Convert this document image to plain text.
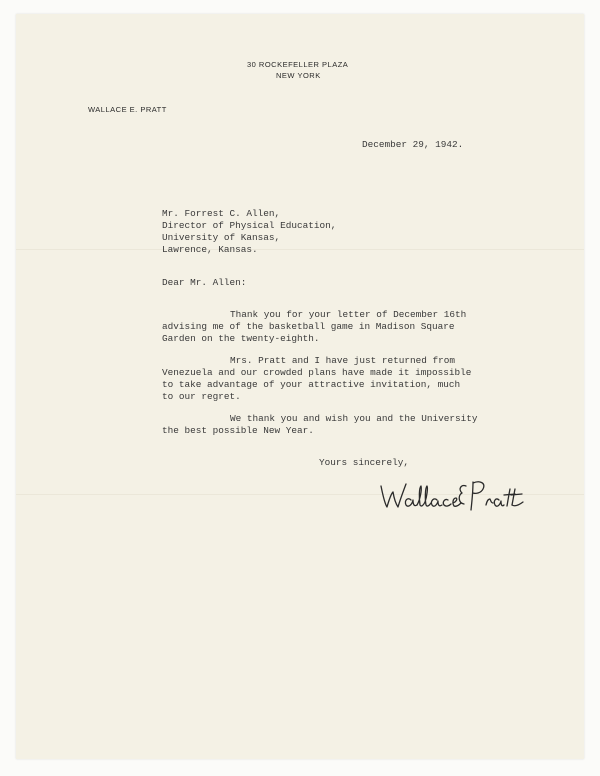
30 ROCKEFELLER PLAZA
NEW YORK
WALLACE E. PRATT
December 29, 1942.
Mr. Forrest C. Allen,
Director of Physical Education,
University of Kansas,
Lawrence, Kansas.
Dear Mr. Allen:
Thank you for your letter of December 16th
advising me of the basketball game in Madison Square
Garden on the twenty-eighth.
Mrs. Pratt and I have just returned from
Venezuela and our crowded plans have made it impossible
to take advantage of your attractive invitation, much
to our regret.
We thank you and wish you and the University
the best possible New Year.
Yours sincerely,
